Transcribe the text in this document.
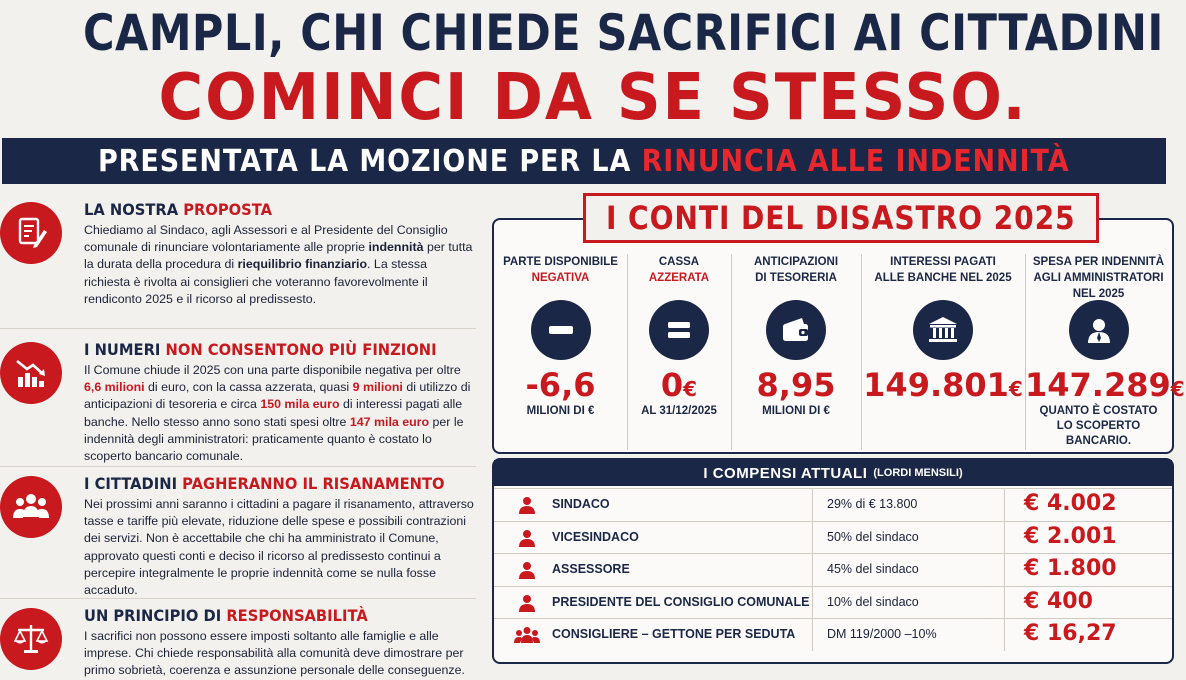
CAMPLI, CHI CHIEDE SACRIFICI AI CITTADINI
COMINCI DA SE STESSO.
PRESENTATA LA MOZIONE PER LA RINUNCIA ALLE INDENNITÀ
LA NOSTRA PROPOSTA

Chiediamo al Sindaco, agli Assessori e al Presidente del Consiglio comunale di rinunciare volontariamente alle proprie indennità per tutta la durata della procedura di riequilibrio finanziario. La stessa richiesta è rivolta ai consiglieri che voteranno favorevolmente il rendiconto 2025 e il ricorso al predissesto.

I NUMERI NON CONSENTONO PIÙ FINZIONI

Il Comune chiude il 2025 con una parte disponibile negativa per oltre 6,6 milioni di euro, con la cassa azzerata, quasi 9 milioni di utilizzo di anticipazioni di tesoreria e circa 150 mila euro di interessi pagati alle banche. Nello stesso anno sono stati spesi oltre 147 mila euro per le indennità degli amministratori: praticamente quanto è costato lo scoperto bancario comunale.

I CITTADINI PAGHERANNO IL RISANAMENTO

Nei prossimi anni saranno i cittadini a pagare il risanamento, attraverso tasse e tariffe più elevate, riduzione delle spese e possibili contrazioni dei servizi. Non è accettabile che chi ha amministrato il Comune, approvato questi conti e deciso il ricorso al predissesto continui a percepire integralmente le proprie indennità come se nulla fosse accaduto.

UN PRINCIPIO DI RESPONSABILITÀ

I sacrifici non possono essere imposti soltanto alle famiglie e alle imprese. Chi chiede responsabilità alla comunità deve dimostrare per primo sobrietà, coerenza e assunzione personale delle conseguenze.

PARTE DISPONIBILE
NEGATIVA
-6,6
MILIONI DI €
CASSA
AZZERATA
0€
AL 31/12/2025
ANTICIPAZIONI
DI TESORERIA
8,95
MILIONI DI €
INTERESSI PAGATI
ALLE BANCHE NEL 2025
149.801€
SPESA PER INDENNITÀ
AGLI AMMINISTRATORI NEL 2025
147.289€
QUANTO È COSTATO LO SCOPERTO BANCARIO.
I CONTI DEL DISASTRO 2025
I COMPENSI ATTUALI (LORDI MENSILI)
SINDACO	29% di € 13.800	€ 4.002
VICESINDACO	50% del sindaco	€ 2.001
ASSESSORE	45% del sindaco	€ 1.800
PRESIDENTE DEL CONSIGLIO COMUNALE 10% del sindaco	€ 400
CONSIGLIERE – GETTONE PER SEDUTA	DM 119/2000 –10%	€ 16,27
